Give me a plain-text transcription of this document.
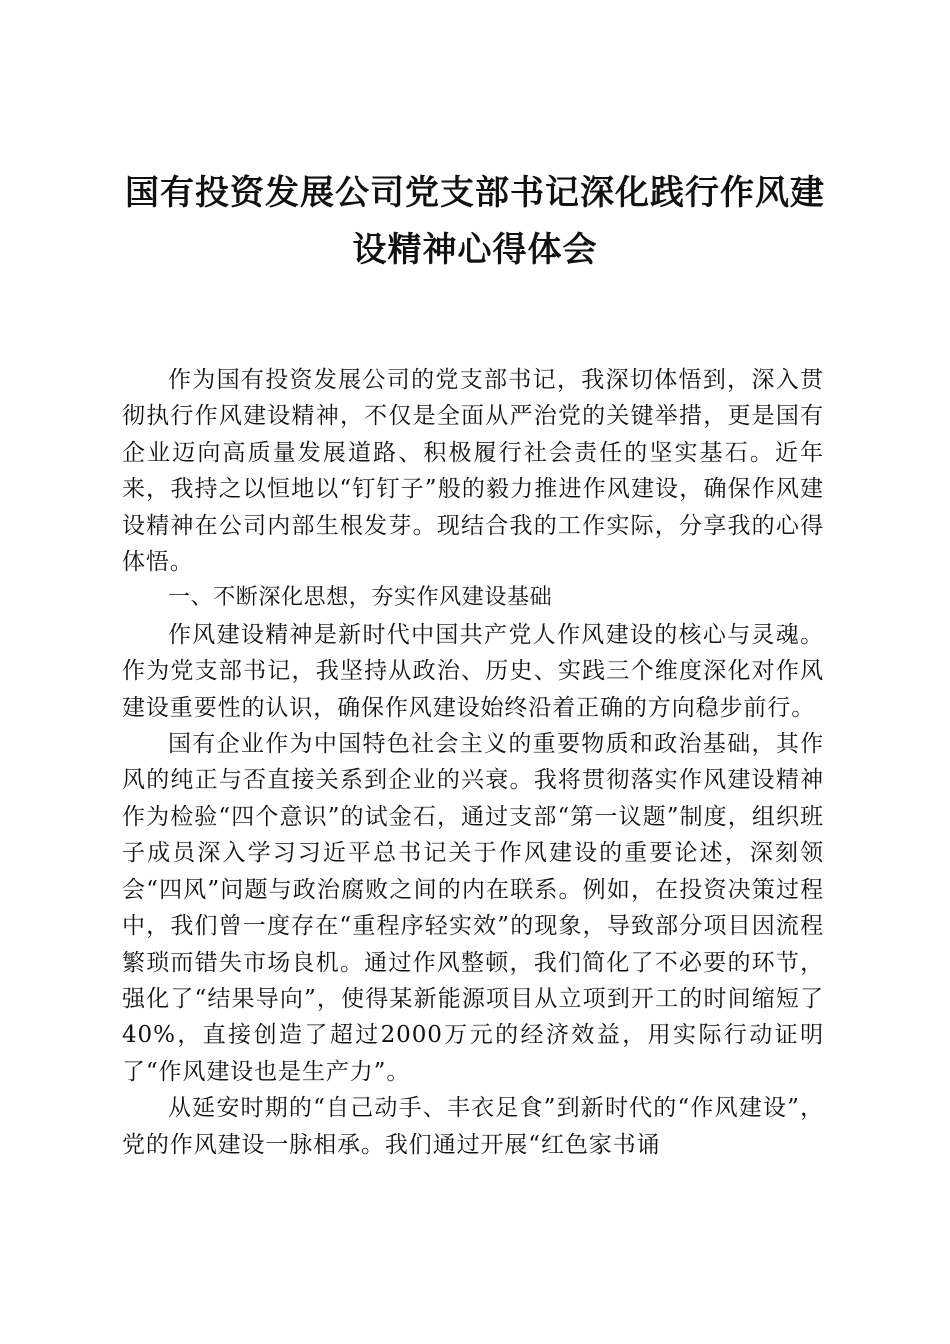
国有投资发展公司党支部书记深化践行作风建设精神心得体会

作为国有投资发展公司的党支部书记，我深切体悟到，深入贯彻执行作风建设精神，不仅是全面从严治党的关键举措，更是国有企业迈向高质量发展道路、积极履行社会责任的坚实基石。近年来，我持之以恒地以“钉钉子”般的毅力推进作风建设，确保作风建设精神在公司内部生根发芽。现结合我的工作实际，分享我的心得体悟。

一、不断深化思想，夯实作风建设基础

作风建设精神是新时代中国共产党人作风建设的核心与灵魂。作为党支部书记，我坚持从政治、历史、实践三个维度深化对作风建设重要性的认识，确保作风建设始终沿着正确的方向稳步前行。

国有企业作为中国特色社会主义的重要物质和政治基础，其作风的纯正与否直接关系到企业的兴衰。我将贯彻落实作风建设精神作为检验“四个意识”的试金石，通过支部“第一议题”制度，组织班子成员深入学习习近平总书记关于作风建设的重要论述，深刻领会“四风”问题与政治腐败之间的内在联系。例如，在投资决策过程中，我们曾一度存在“重程序轻实效”的现象，导致部分项目因流程繁琐而错失市场良机。通过作风整顿，我们简化了不必要的环节，强化了“结果导向”，使得某新能源项目从立项到开工的时间缩短了40%，直接创造了超过2000万元的经济效益，用实际行动证明了“作风建设也是生产力”。

从延安时期的“自己动手、丰衣足食”到新时代的“作风建设”，党的作风建设一脉相承。我们通过开展“红色家书诵
